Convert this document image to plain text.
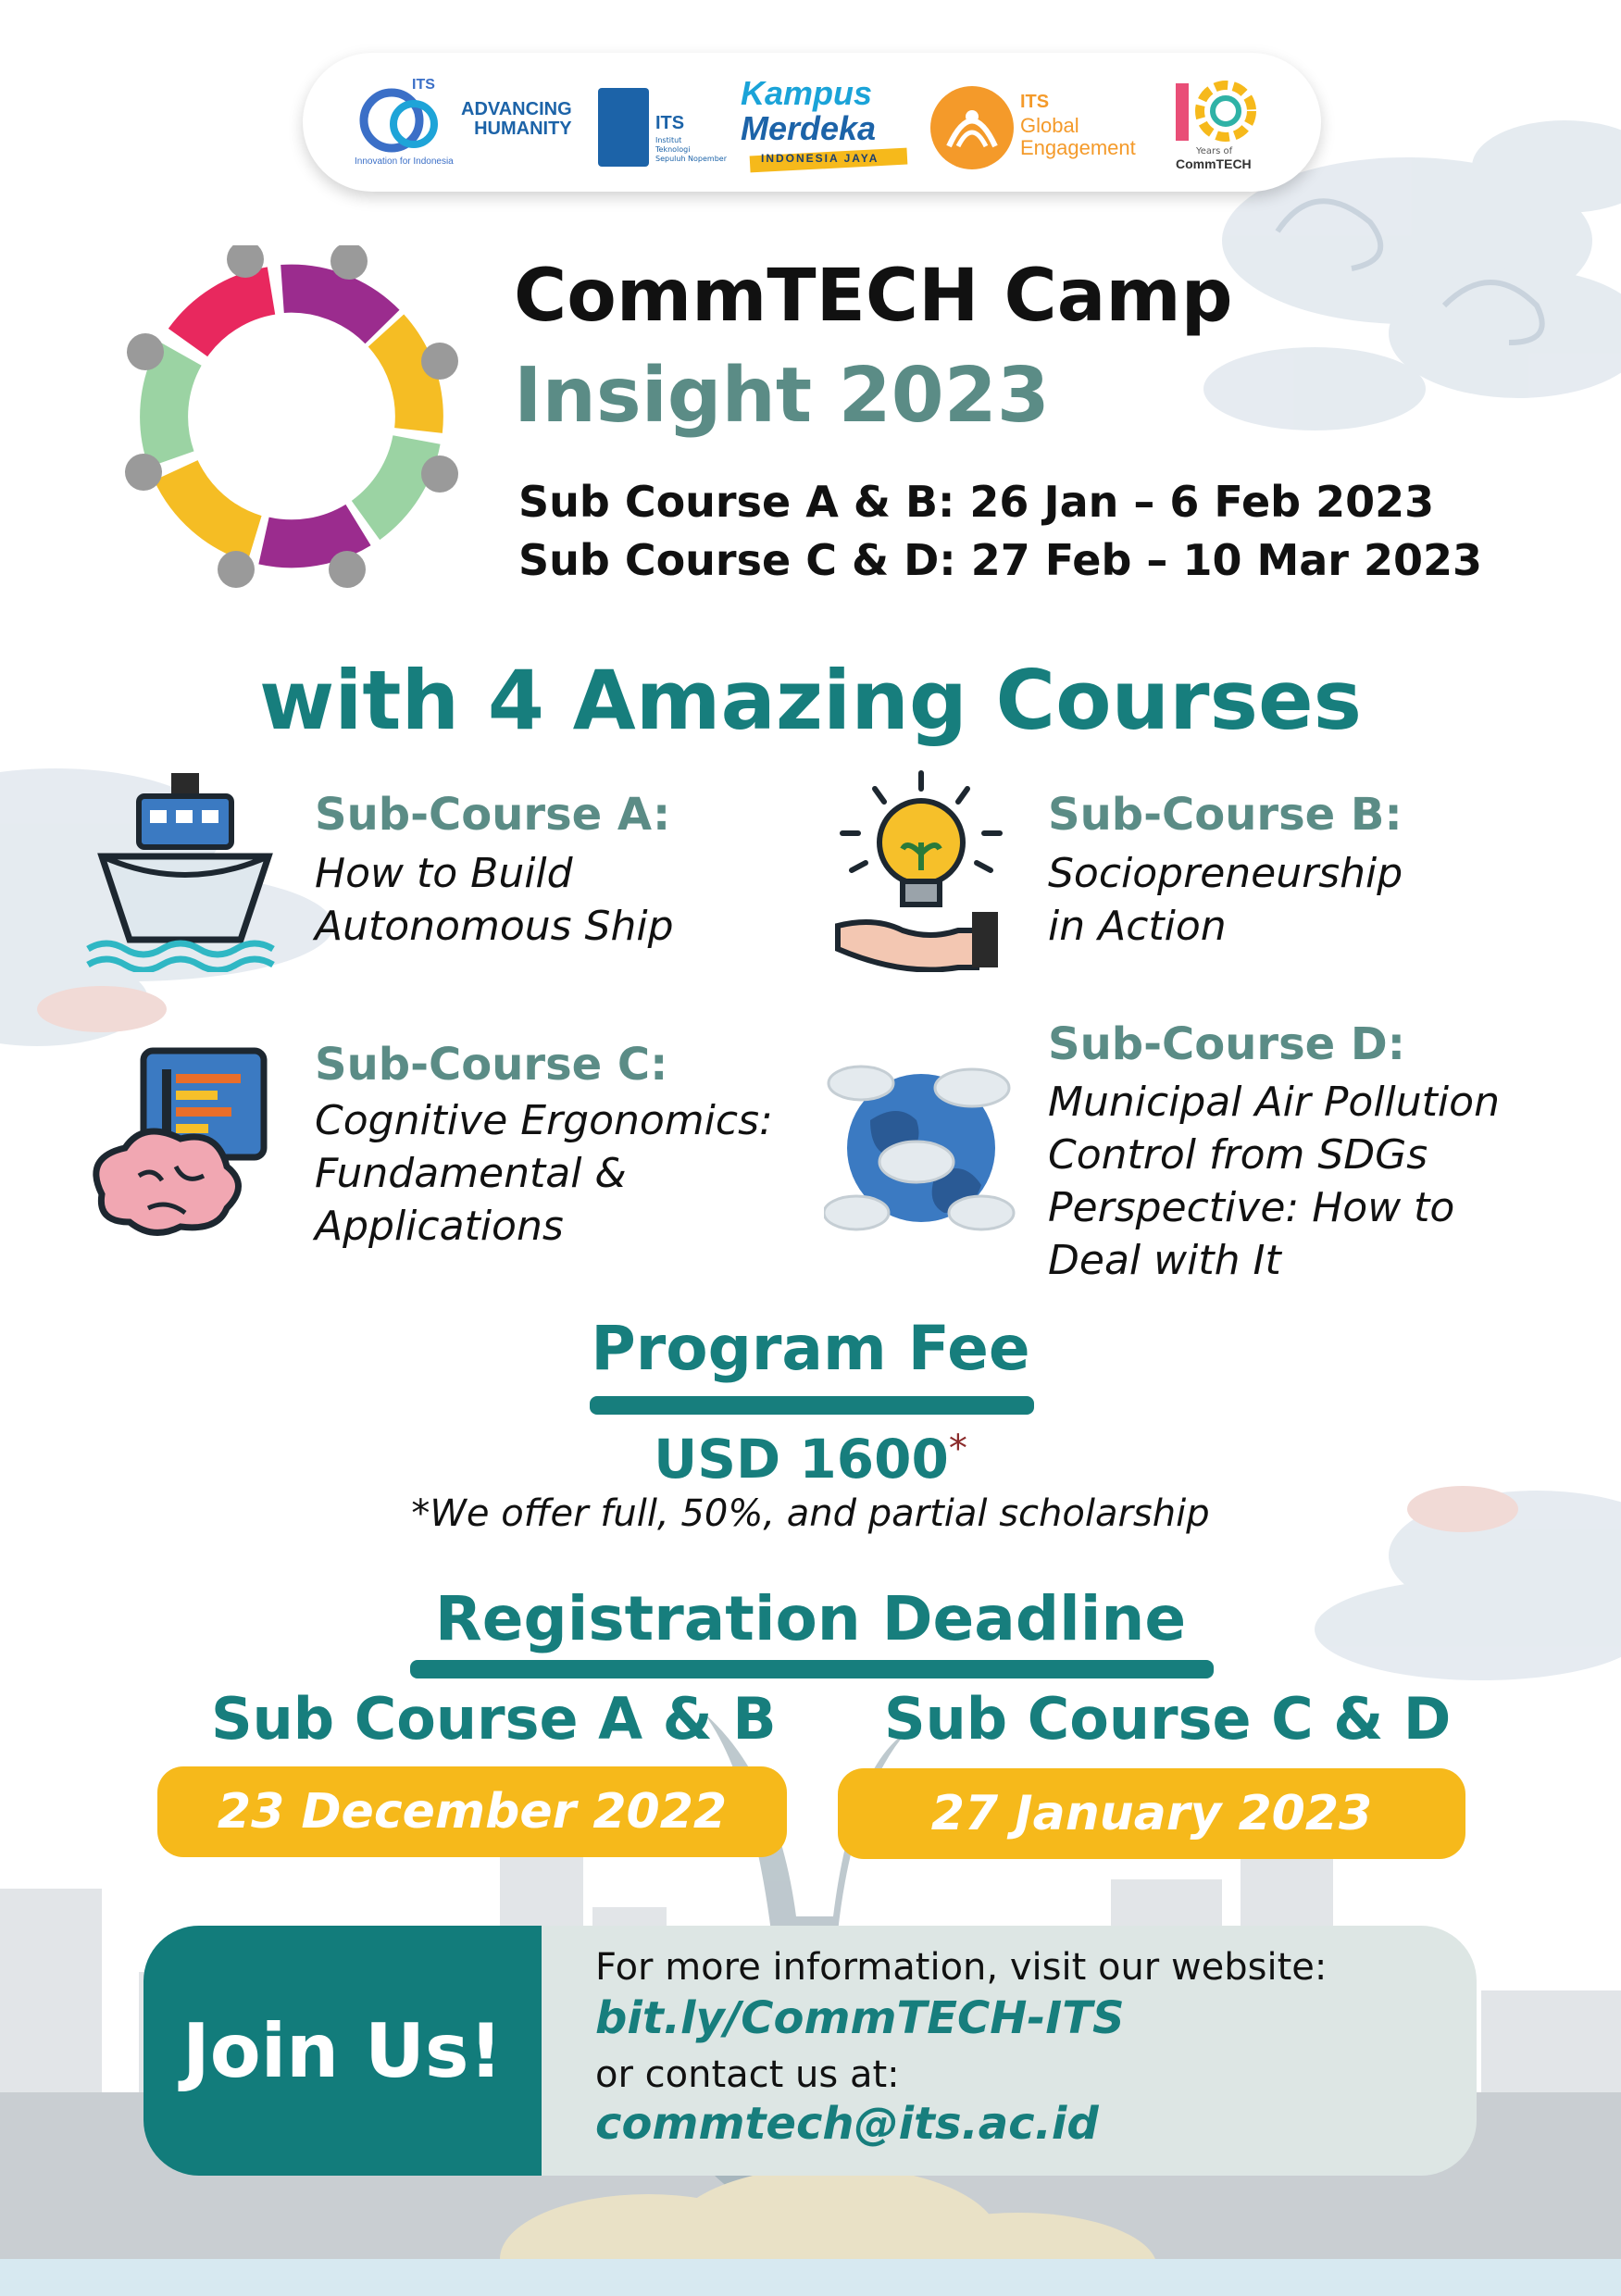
ITS
Innovation for Indonesia
ADVANCING
HUMANITY	ITS
Institut
Teknologi
Sepuluh Nopember
Kampus
Merdeka
INDONESIA JAYA
ITS
Global
Engagement	Years of
CommTECH
CommTECH Camp
Insight 2023
Sub Course A & B: 26 Jan – 6 Feb 2023
Sub Course C & D: 27 Feb – 10 Mar 2023
with 4 Amazing Courses
Sub-Course A:
How to Build
Autonomous Ship
Sub-Course B:
Sociopreneurship
in Action
Sub-Course C:
Cognitive Ergonomics:
Fundamental &
Applications
Sub-Course D:
Municipal Air Pollution
Control from SDGs
Perspective: How to
Deal with It
Program Fee
USD 1600*
*We offer full, 50%, and partial scholarship
Registration Deadline
Sub Course A & B Sub Course C & D
23 December 2022	27 January 2023
Join Us!
For more information, visit our website:
bit.ly/CommTECH-ITS
or contact us at:
commtech@its.ac.id
